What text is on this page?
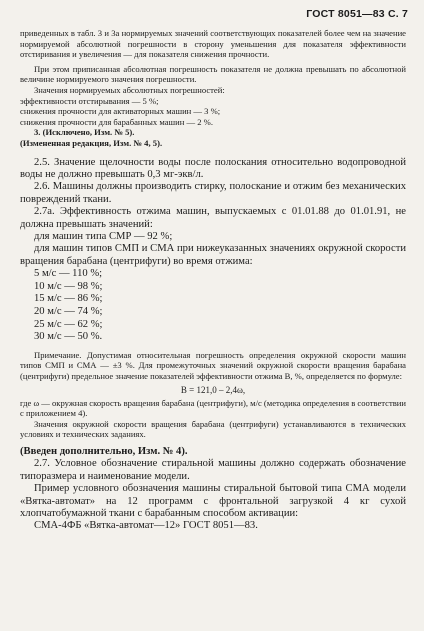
ГОСТ 8051—83 С. 7

приведенных в табл. 3 и 3а нормируемых значений соответствующих показателей более чем на значение нормируемой абсолютной погрешности в сторону уменьшения для показателя эффективности отстиривания и увеличения — для показателя снижения прочности.

При этом приписанная абсолютная погрешность показателя не должна превышать по абсолютной величине нормируемого значения погрешности.

Значения нормируемых абсолютных погрешностей:

эффективности отстирывания — 5 %;

снижения прочности для активаторных машин — 3 %;

снижения прочности для барабанных машин — 2 %.

3. (Исключено, Изм. № 5).

(Измененная редакция, Изм. № 4, 5).

2.5. Значение щелочности воды после полоскания относительно водопроводной воды не должно превышать 0,3 мг-экв/л.

2.6. Машины должны производить стирку, полоскание и отжим без механических повреждений ткани.

2.7а. Эффективность отжима машин, выпускаемых с 01.01.88 до 01.01.91, не должна превышать значений:

для машин типа СМР — 92 %;

для машин типов СМП и СМА при нижеуказанных значениях окружной скорости вращения барабана (центрифуги) во время отжима:

5 м/с — 110 %;
10 м/с — 98 %;
15 м/с — 86 %;
20 м/с — 74 %;
25 м/с — 62 %;
30 м/с — 50 %.

Примечание. Допустимая относительная погрешность определения окружной скорости машин типов СМП и СМА — ±3 %. Для промежуточных значений окружной скорости вращения барабана (центрифуги) предельное значение показателей эффективности отжима В, %, определяется по формуле:

B = 121,0 – 2,4ω,

где ω — окружная скорость вращения барабана (центрифуги), м/с (методика определения в соответствии с приложением 4).

Значения окружной скорости вращения барабана (центрифуги) устанавливаются в технических условиях и технических заданиях.

(Введен дополнительно, Изм. № 4).

2.7. Условное обозначение стиральной машины должно содержать обозначение типоразмера и наименование модели.

Пример условного обозначения машины стиральной бытовой типа СМА модели «Вятка-автомат» на 12 программ с фронтальной загрузкой 4 кг сухой хлопчатобумажной ткани с барабанным способом активации:

СМА-4ФБ «Вятка-автомат—12» ГОСТ 8051—83.
